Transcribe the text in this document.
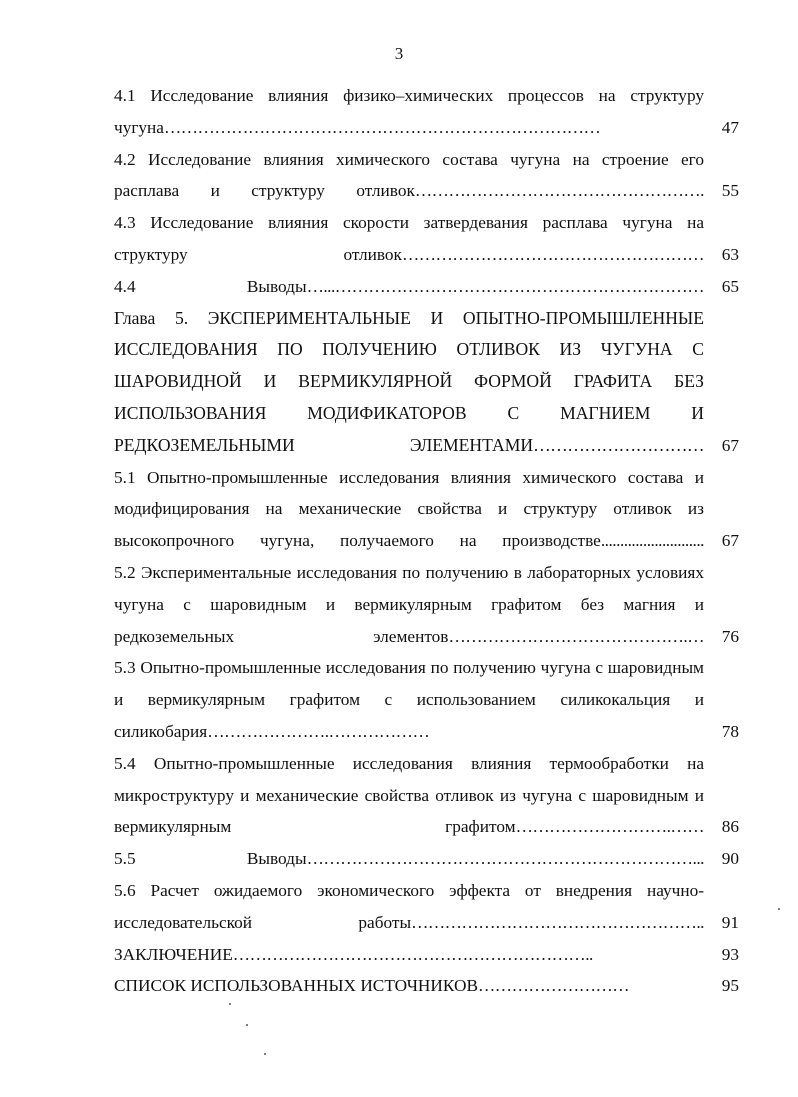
3
4.1 Исследование влияния физико–химических процессов на структуру чугуна……………………………………………………………………	47
4.2 Исследование влияния химического состава чугуна на строение его расплава и структуру отливок…………………………………………….	55
4.3 Исследование влияния скорости затвердевания расплава чугуна на структуру отливок………………………………………………	63
4.4 Выводы…...…………………………………………………………	65
Глава 5. ЭКСПЕРИМЕНТАЛЬНЫЕ И ОПЫТНО-ПРОМЫШЛЕННЫЕ ИССЛЕДОВАНИЯ ПО ПОЛУЧЕНИЮ ОТЛИВОК ИЗ ЧУГУНА С ШАРОВИДНОЙ И ВЕРМИКУЛЯРНОЙ ФОРМОЙ ГРАФИТА БЕЗ ИСПОЛЬЗОВАНИЯ МОДИФИКАТОРОВ С МАГНИЕМ И РЕДКОЗЕМЕЛЬНЫМИ ЭЛЕМЕНТАМИ…………………………	67
5.1 Опытно-промышленные исследования влияния химического состава и модифицирования на механические свойства и структуру отливок из высокопрочного чугуна, получаемого на производстве...........................	67
5.2 Экспериментальные исследования по получению в лабораторных условиях чугуна с шаровидным и вермикулярным графитом без магния и редкоземельных элементов…………………………………….…	76
5.3 Опытно-промышленные исследования по получению чугуна с шаровидным и вермикулярным графитом с использованием силикокальция и силикобария………………….………………	78
5.4 Опытно-промышленные исследования влияния термообработки на микроструктуру и механические свойства отливок из чугуна с шаровидным и вермикулярным графитом……………………….……	86
5.5 Выводы……………………………………………………………...	90
5.6 Расчет ожидаемого экономического эффекта от внедрения научно-исследовательской работы……………………………………………..	91
ЗАКЛЮЧЕНИЕ………………………………………………………..	93
СПИСОК ИСПОЛЬЗОВАННЫХ ИСТОЧНИКОВ………………………	95
